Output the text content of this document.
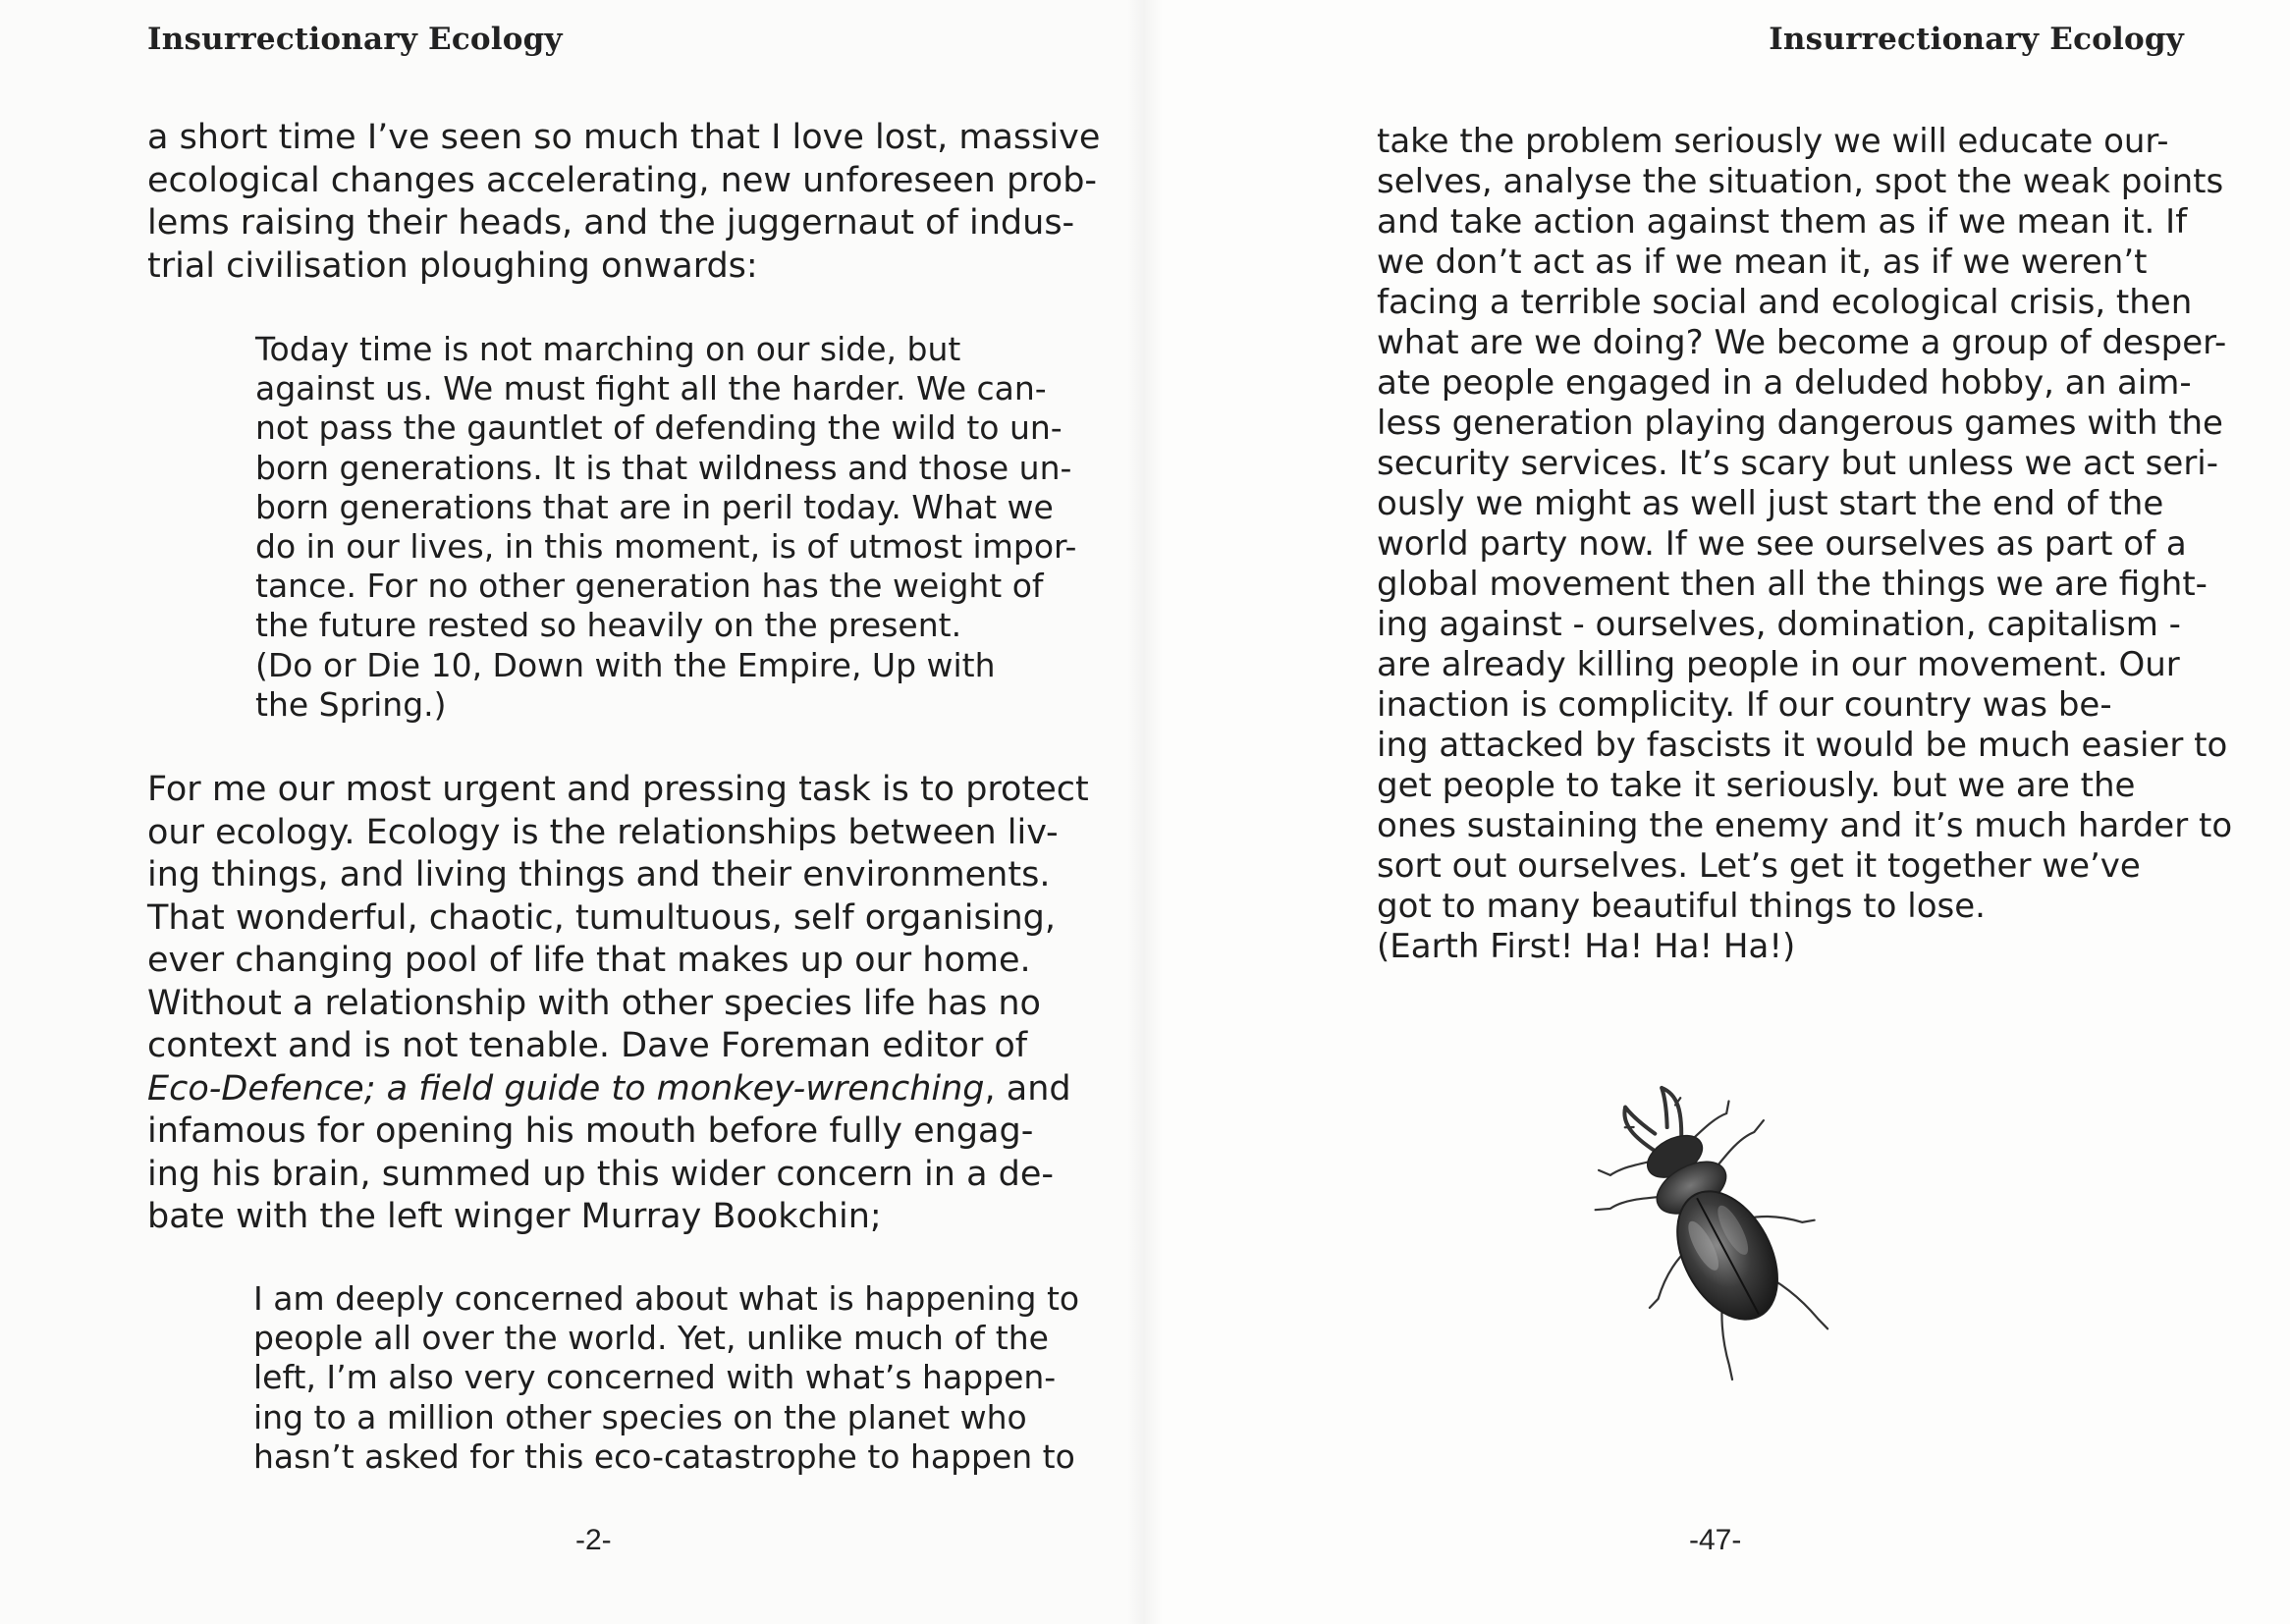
Insurrectionary Ecology
a short time I’ve seen so much that I love lost, massive
ecological changes accelerating, new unforeseen prob-
lems raising their heads, and the juggernaut of indus-
trial civilisation ploughing onwards:
Today time is not marching on our side, but
against us. We must fight all the harder. We can-
not pass the gauntlet of defending the wild to un-
born generations. It is that wildness and those un-
born generations that are in peril today. What we
do in our lives, in this moment, is of utmost impor-
tance. For no other generation has the weight of
the future rested so heavily on the present.
(Do or Die 10, Down with the Empire, Up with
the Spring.)
For me our most urgent and pressing task is to protect
our ecology. Ecology is the relationships between liv-
ing things, and living things and their environments.
That wonderful, chaotic, tumultuous, self organising,
ever changing pool of life that makes up our home.
Without a relationship with other species life has no
context and is not tenable. Dave Foreman editor of
Eco-Defence; a field guide to monkey-wrenching, and
infamous for opening his mouth before fully engag-
ing his brain, summed up this wider concern in a de-
bate with the left winger Murray Bookchin;
I am deeply concerned about what is happening to
people all over the world. Yet, unlike much of the
left, I’m also very concerned with what’s happen-
ing to a million other species on the planet who
hasn’t asked for this eco-catastrophe to happen to
-2-
Insurrectionary Ecology
take the problem seriously we will educate our-
selves, analyse the situation, spot the weak points
and take action against them as if we mean it. If
we don’t act as if we mean it, as if we weren’t
facing a terrible social and ecological crisis, then
what are we doing? We become a group of desper-
ate people engaged in a deluded hobby, an aim-
less generation playing dangerous games with the
security services. It’s scary but unless we act seri-
ously we might as well just start the end of the
world party now. If we see ourselves as part of a
global movement then all the things we are fight-
ing against - ourselves, domination, capitalism -
are already killing people in our movement. Our
inaction is complicity. If our country was be-
ing attacked by fascists it would be much easier to
get people to take it seriously. but we are the
ones sustaining the enemy and it’s much harder to
sort out ourselves. Let’s get it together we’ve
got to many beautiful things to lose.
(Earth First! Ha! Ha! Ha!)
-47-
